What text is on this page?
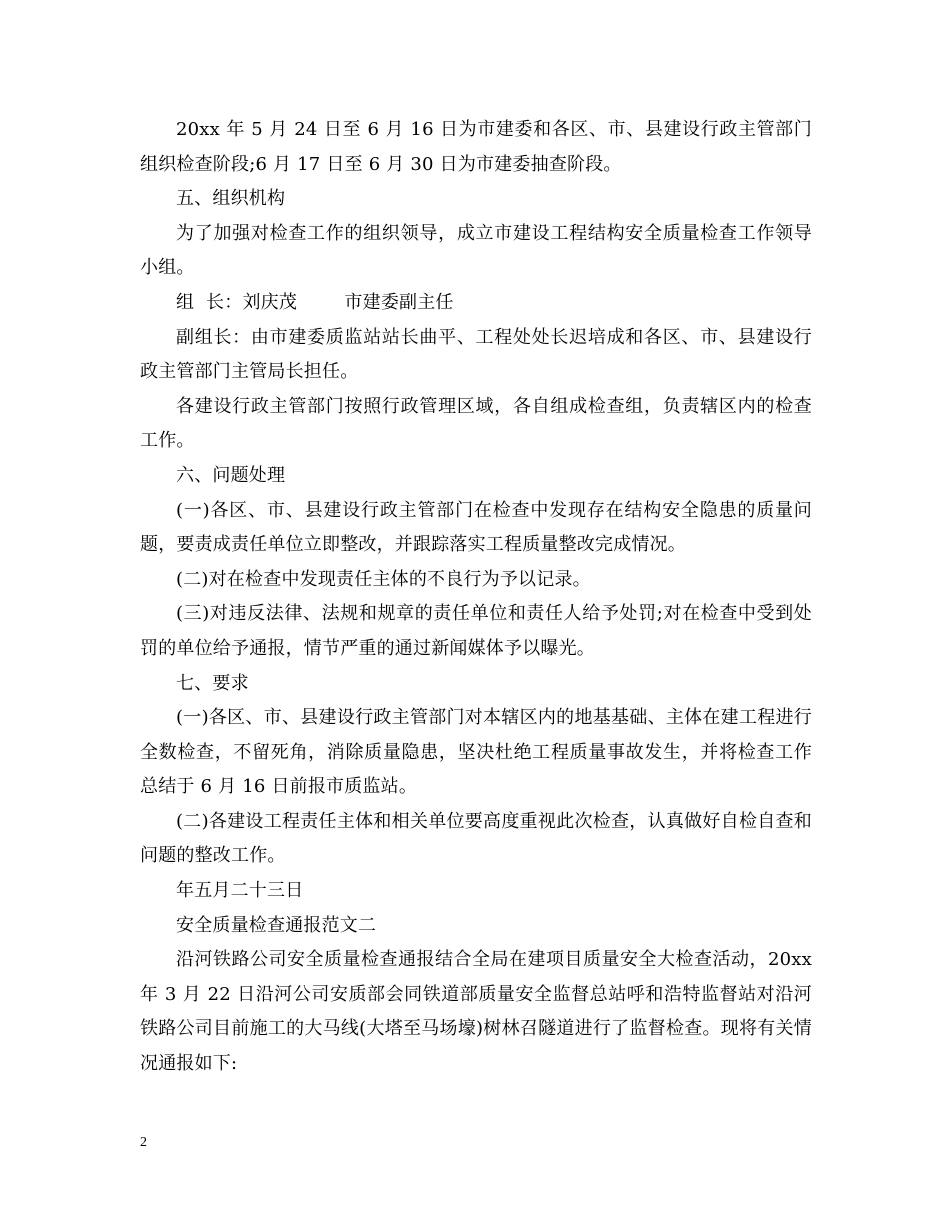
20xx 年 5 月 24 日至 6 月 16 日为市建委和各区、市、县建设行政主管部门组织检查阶段;6 月 17 日至 6 月 30 日为市建委抽查阶段。

五、组织机构

为了加强对检查工作的组织领导，成立市建设工程结构安全质量检查工作领导小组。

组  长：刘庆茂        市建委副主任

副组长：由市建委质监站站长曲平、工程处处长迟培成和各区、市、县建设行政主管部门主管局长担任。

各建设行政主管部门按照行政管理区域，各自组成检查组，负责辖区内的检查工作。

六、问题处理

(一)各区、市、县建设行政主管部门在检查中发现存在结构安全隐患的质量问题，要责成责任单位立即整改，并跟踪落实工程质量整改完成情况。

(二)对在检查中发现责任主体的不良行为予以记录。

(三)对违反法律、法规和规章的责任单位和责任人给予处罚;对在检查中受到处罚的单位给予通报，情节严重的通过新闻媒体予以曝光。

七、要求

(一)各区、市、县建设行政主管部门对本辖区内的地基基础、主体在建工程进行全数检查，不留死角，消除质量隐患，坚决杜绝工程质量事故发生，并将检查工作总结于 6 月 16 日前报市质监站。

(二)各建设工程责任主体和相关单位要高度重视此次检查，认真做好自检自查和问题的整改工作。

年五月二十三日

安全质量检查通报范文二

沿河铁路公司安全质量检查通报结合全局在建项目质量安全大检查活动，20xx 年 3 月 22 日沿河公司安质部会同铁道部质量安全监督总站呼和浩特监督站对沿河铁路公司目前施工的大马线(大塔至马场壕)树林召隧道进行了监督检查。现将有关情况通报如下:

2
